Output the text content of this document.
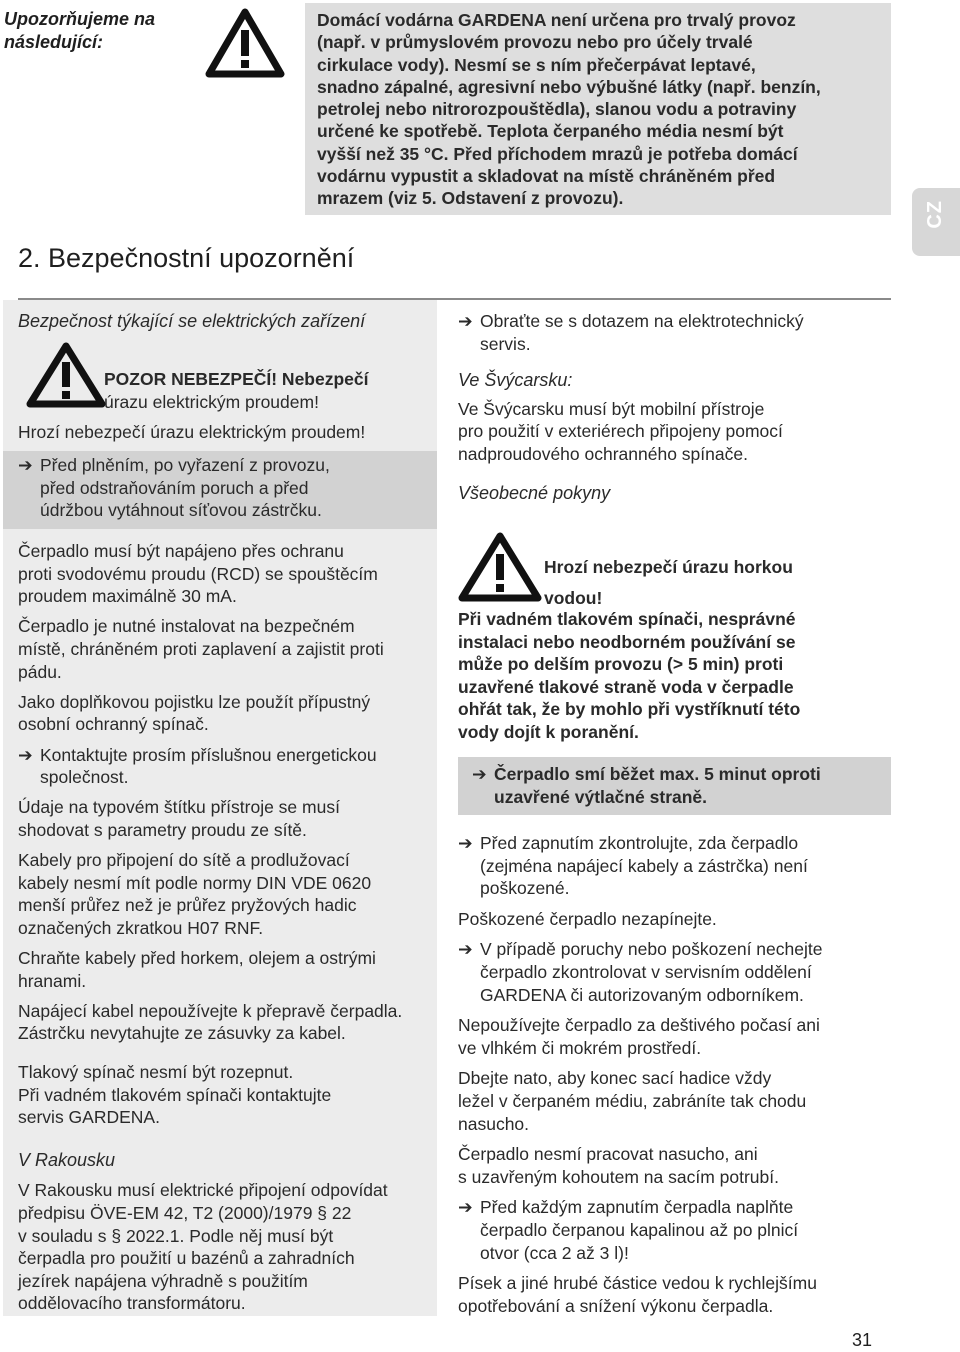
Upozorňujeme na následující:
Domácí vodárna GARDENA není určena pro trvalý provoz
(např. v průmyslovém provozu nebo pro účely trvalé
cirkulace vody). Nesmí se s ním přečerpávat leptavé,
snadno zápalné, agresivní nebo výbušné látky (např. benzín,
petrolej nebo nitrorozpouštědla), slanou vodu a potraviny
určené ke spotřebě. Teplota čerpaného média nesmí být
vyšší než 35 °C. Před příchodem mrazů je potřeba domácí
vodárnu vypustit a skladovat na místě chráněném před
mrazem (viz 5. Odstavení z provozu).
CZ
2. Bezpečnostní upozornění
Bezpečnost týkající se elektrických zařízení
POZOR NEBEZPEČÍ! Nebezpečí
úrazu elektrickým proudem!
Hrozí nebezpečí úrazu elektrickým proudem!
➔ Před plněním, po vyřazení z provozu,
před odstraňováním poruch a před
údržbou vytáhnout síťovou zástrčku.
Čerpadlo musí být napájeno přes ochranu
proti svodovému proudu (RCD) se spouštěcím
proudem maximálně 30 mA.
Čerpadlo je nutné instalovat na bezpečném
místě, chráněném proti zaplavení a zajistit proti
pádu.
Jako doplňkovou pojistku lze použít přípustný
osobní ochranný spínač.
➔ Kontaktujte prosím příslušnou energetickou
společnost.
Údaje na typovém štítku přístroje se musí
shodovat s parametry proudu ze sítě.
Kabely pro připojení do sítě a prodlužovací
kabely nesmí mít podle normy DIN VDE 0620
menší průřez než je průřez pryžových hadic
označených zkratkou H07 RNF.
Chraňte kabely před horkem, olejem a ostrými
hranami.
Napájecí kabel nepoužívejte k přepravě čerpadla.
Zástrčku nevytahujte ze zásuvky za kabel.
Tlakový spínač nesmí být rozepnut.
Při vadném tlakovém spínači kontaktujte
servis GARDENA.
V Rakousku
V Rakousku musí elektrické připojení odpovídat
předpisu ÖVE-EM 42, T2 (2000)/1979 § 22
v souladu s § 2022.1. Podle něj musí být
čerpadla pro použití u bazénů a zahradních
jezírek napájena výhradně s použitím
oddělovacího transformátoru.
➔ Obraťte se s dotazem na elektrotechnický
servis.
Ve Švýcarsku:
Ve Švýcarsku musí být mobilní přístroje
pro použití v exteriérech připojeny pomocí
nadproudového ochranného spínače.
Všeobecné pokyny
Hrozí nebezpečí úrazu horkou
vodou!
Při vadném tlakovém spínači, nesprávné
instalaci nebo neodborném používání se
může po delším provozu (> 5 min) proti
uzavřené tlakové straně voda v čerpadle
ohřát tak, že by mohlo při vystříknutí této
vody dojít k poranění.
➔ Čerpadlo smí běžet max. 5 minut oproti
uzavřené výtlačné straně.
➔ Před zapnutím zkontrolujte, zda čerpadlo
(zejména napájecí kabely a zástrčka) není
poškozené.
Poškozené čerpadlo nezapínejte.
➔ V případě poruchy nebo poškození nechejte
čerpadlo zkontrolovat v servisním oddělení
GARDENA či autorizovaným odborníkem.
Nepoužívejte čerpadlo za deštivého počasí ani
ve vlhkém či mokrém prostředí.
Dbejte nato, aby konec sací hadice vždy
ležel v čerpaném médiu, zabráníte tak chodu
nasucho.
Čerpadlo nesmí pracovat nasucho, ani
s uzavřeným kohoutem na sacím potrubí.
➔ Před každým zapnutím čerpadla naplňte
čerpadlo čerpanou kapalinou až po plnicí
otvor (cca 2 až 3 l)!
Písek a jiné hrubé částice vedou k rychlejšímu
opotřebování a snížení výkonu čerpadla.
31
